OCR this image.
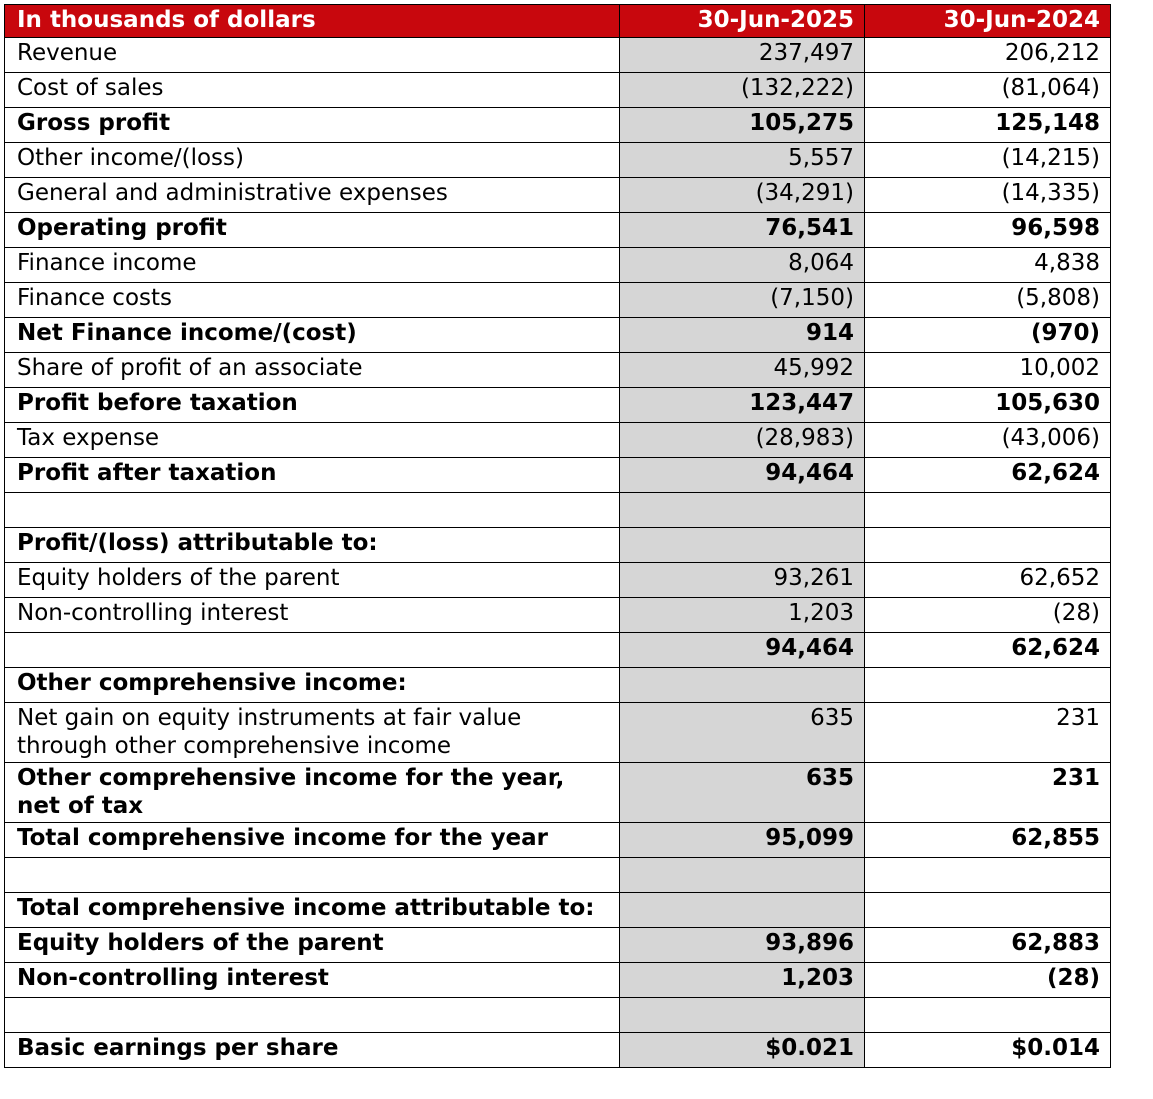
In thousands of dollars	30-Jun-2025	30-Jun-2024
Revenue	237,497	206,212
Cost of sales	(132,222)	(81,064)
Gross profit	105,275	125,148
Other income/(loss)	5,557	(14,215)
General and administrative expenses	(34,291)	(14,335)
Operating profit	76,541	96,598
Finance income	8,064	4,838
Finance costs	(7,150)	(5,808)
Net Finance income/(cost)	914	(970)
Share of profit of an associate	45,992	10,002
Profit before taxation	123,447	105,630
Tax expense	(28,983)	(43,006)
Profit after taxation	94,464	62,624

Profit/(loss) attributable to:		
Equity holders of the parent	93,261	62,652
Non-controlling interest	1,203	(28)
	94,464	62,624
Other comprehensive income:		
Net gain on equity instruments at fair value through other comprehensive income	635	231
Other comprehensive income for the year, net of tax	635	231
Total comprehensive income for the year	95,099	62,855

Total comprehensive income attributable to:		
Equity holders of the parent	93,896	62,883
Non-controlling interest	1,203	(28)

Basic earnings per share	$0.021	$0.014
